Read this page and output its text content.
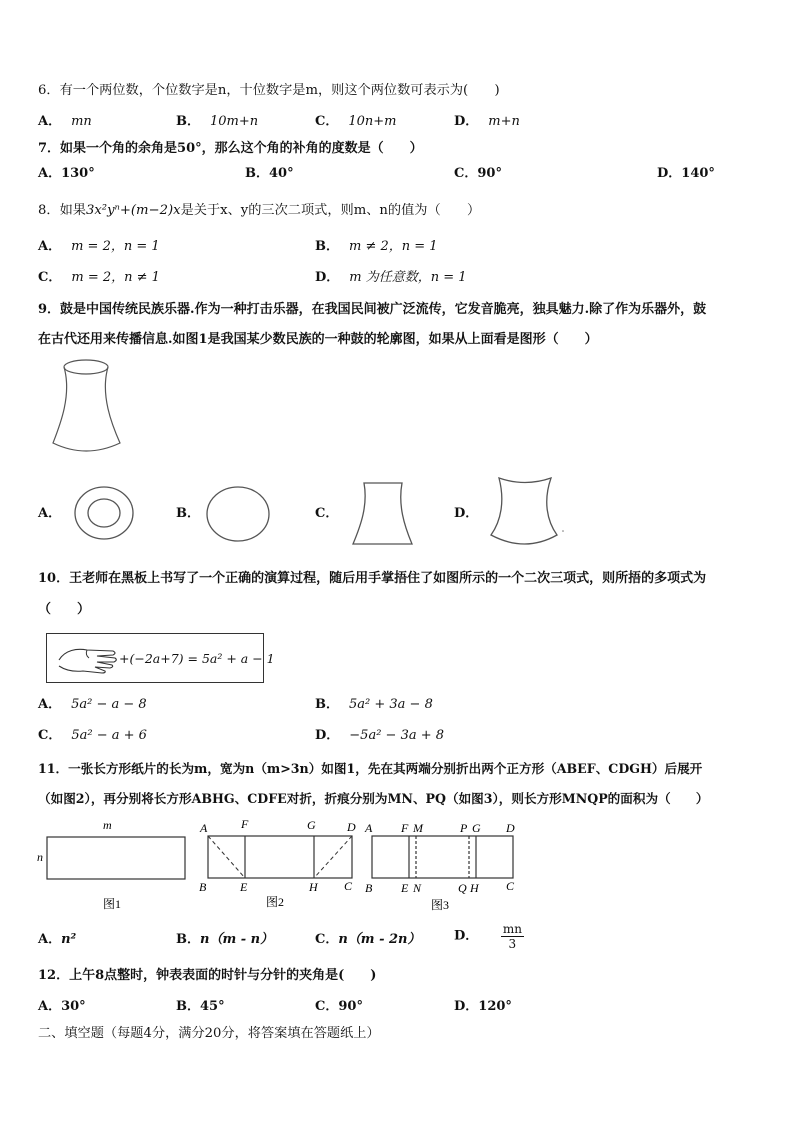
6．有一个两位数，个位数字是n，十位数字是m，则这个两位数可表示为(　　)
A． mn	B． 10m+n	C． 10n+m	D． m+n
7．如果一个角的余角是50°，那么这个角的补角的度数是（　　）
A．130°	B．40°	C．90°	D．140°
8．如果3x²yⁿ+(m−2)x是关于x、y的三次二项式，则m、n的值为（　　）
A． m = 2，n = 1	B． m ≠ 2，n = 1
C． m = 2，n ≠ 1	D． m 为任意数，n = 1
9．鼓是中国传统民族乐器.作为一种打击乐器，在我国民间被广泛流传，它发音脆亮，独具魅力.除了作为乐器外，鼓
在古代还用来传播信息.如图1是我国某少数民族的一种鼓的轮廓图，如果从上面看是图形（　　）
A．	B．	C．	D．
10．王老师在黑板上书写了一个正确的演算过程，随后用手掌捂住了如图所示的一个二次三项式，则所捂的多项式为
（　　）
+(−2a+7) = 5a² + a − 1
A． 5a² − a − 8	B． 5a² + 3a − 8
C． 5a² − a + 6	D． −5a² − 3a + 8
11．一张长方形纸片的长为m，宽为n（m>3n）如图1，先在其两端分别折出两个正方形（ABEF、CDGH）后展开
（如图2），再分别将长方形ABHG、CDFE对折，折痕分别为MN、PQ（如图3），则长方形MNQP的面积为（　　）
m
n
图1
A	F	G	D
B	E	H C
图2
A F M	P G D
B E N	Q H C
图3
A．n²	B．n（m - n）	C．n（m - 2n）	D． $\frac{mn}{3}$
12．上午8点整时，钟表表面的时针与分针的夹角是(　　)
A．30°	B．45°	C．90°	D．120°
二、填空题（每题4分，满分20分，将答案填在答题纸上）
